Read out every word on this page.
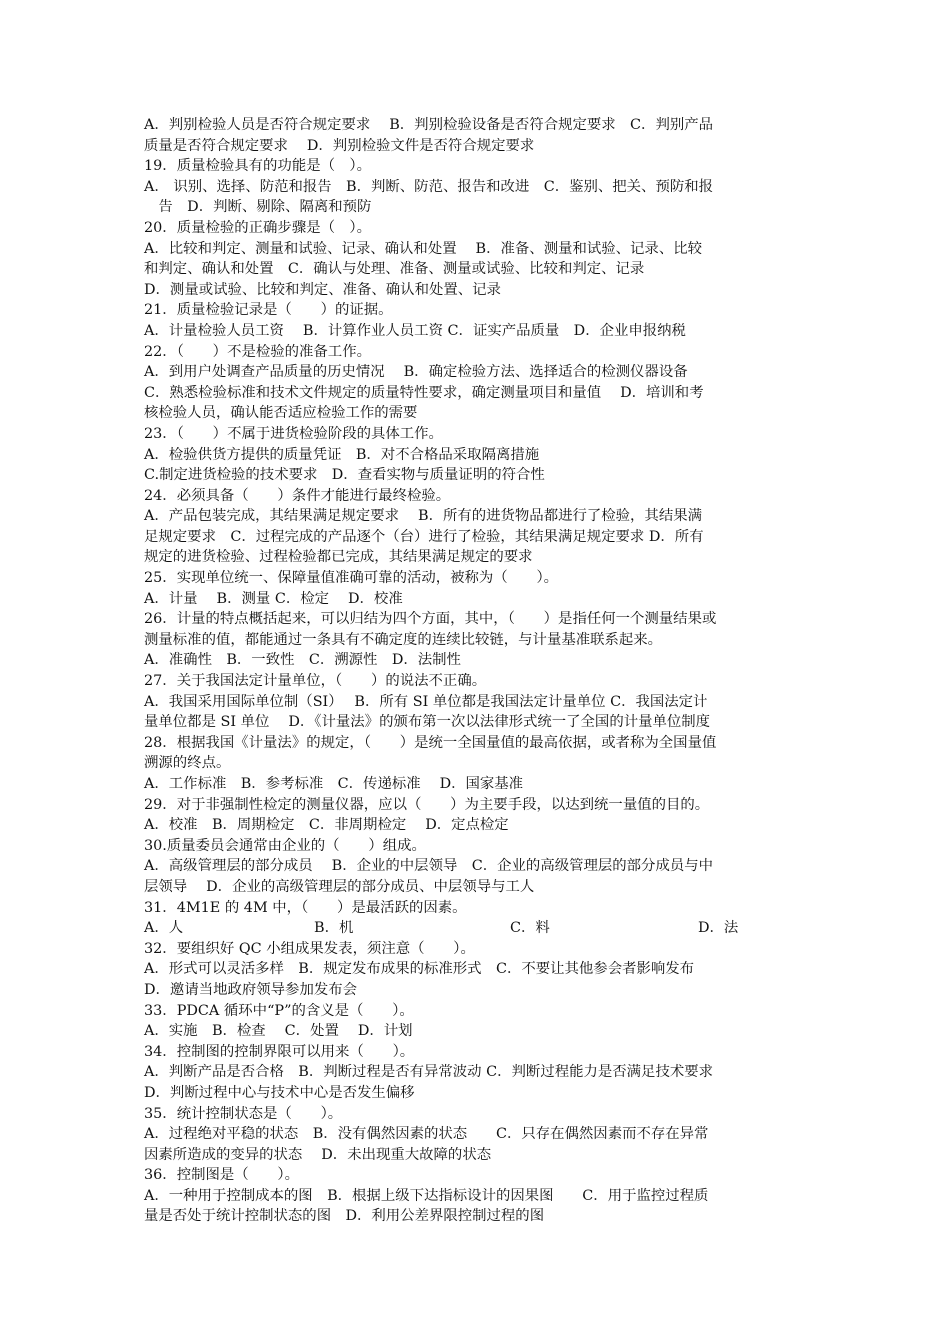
A．判别检验人员是否符合规定要求　 B．判别检验设备是否符合规定要求　C．判别产品
质量是否符合规定要求　 D．判别检验文件是否符合规定要求
19．质量检验具有的功能是（　）。
A． 识别、选择、防范和报告　B．判断、防范、报告和改进　C．鉴别、把关、预防和报
　告　D．判断、剔除、隔离和预防
20．质量检验的正确步骤是（　）。
A．比较和判定、测量和试验、记录、确认和处置　 B．准备、测量和试验、记录、比较
和判定、确认和处置　C．确认与处理、准备、测量或试验、比较和判定、记录
D．测量或试验、比较和判定、准备、确认和处置、记录
21．质量检验记录是（　　）的证据。
A．计量检验人员工资　 B．计算作业人员工资 C．证实产品质量　D．企业申报纳税
22．（　　）不是检验的准备工作。
A．到用户处调查产品质量的历史情况　 B．确定检验方法、选择适合的检测仪器设备
C．熟悉检验标准和技术文件规定的质量特性要求，确定测量项目和量值　 D．培训和考
核检验人员，确认能否适应检验工作的需要
23．（　　）不属于进货检验阶段的具体工作。
A．检验供货方提供的质量凭证　B．对不合格品采取隔离措施
C.制定进货检验的技术要求　D．查看实物与质量证明的符合性
24．必须具备（　　）条件才能进行最终检验。
A．产品包装完成，其结果满足规定要求　 B．所有的进货物品都进行了检验，其结果满
足规定要求　C．过程完成的产品逐个（台）进行了检验，其结果满足规定要求 D．所有
规定的进货检验、过程检验都已完成，其结果满足规定的要求
25．实现单位统一、保障量值准确可靠的活动，被称为（　　）。
A．计量　 B．测量 C．检定　 D．校准
26．计量的特点概括起来，可以归结为四个方面，其中，（　　）是指任何一个测量结果或
测量标准的值，都能通过一条具有不确定度的连续比较链，与计量基准联系起来。
A．准确性　B．一致性　C．溯源性　D．法制性
27．关于我国法定计量单位，（　　）的说法不正确。
A．我国采用国际单位制（SI）　 B．所有 SI 单位都是我国法定计量单位 C．我国法定计
量单位都是 SI 单位　 D．《计量法》的颁布第一次以法律形式统一了全国的计量单位制度
28．根据我国《计量法》的规定，（　　）是统一全国量值的最高依据，或者称为全国量值
溯源的终点。
A．工作标准　B．参考标准　C．传递标准　 D．国家基准
29．对于非强制性检定的测量仪器，应以（　　）为主要手段，以达到统一量值的目的。
A．校准　B．周期检定　C．非周期检定　 D．定点检定
30.质量委员会通常由企业的（　　）组成。
A．高级管理层的部分成员　 B．企业的中层领导　C．企业的高级管理层的部分成员与中
层领导　 D．企业的高级管理层的部分成员、中层领导与工人
31．4M1E 的 4M 中，（　　）是最活跃的因素。
A．人	B．机	C．料	D．法
32．要组织好 QC 小组成果发表，须注意（　　）。
A．形式可以灵活多样　B．规定发布成果的标准形式　C．不要让其他参会者影响发布
D．邀请当地政府领导参加发布会
33．PDCA 循环中“P”的含义是（　　）。
A．实施　B．检查　 C．处置　 D．计划
34．控制图的控制界限可以用来（　　）。
A．判断产品是否合格　B．判断过程是否有异常波动 C．判断过程能力是否满足技术要求
D．判断过程中心与技术中心是否发生偏移
35．统计控制状态是（　　）。
A．过程绝对平稳的状态　B．没有偶然因素的状态　　C．只存在偶然因素而不存在异常
因素所造成的变异的状态　 D．未出现重大故障的状态
36．控制图是（　　）。
A．一种用于控制成本的图　B．根据上级下达指标设计的因果图　　C．用于监控过程质
量是否处于统计控制状态的图　D．利用公差界限控制过程的图
